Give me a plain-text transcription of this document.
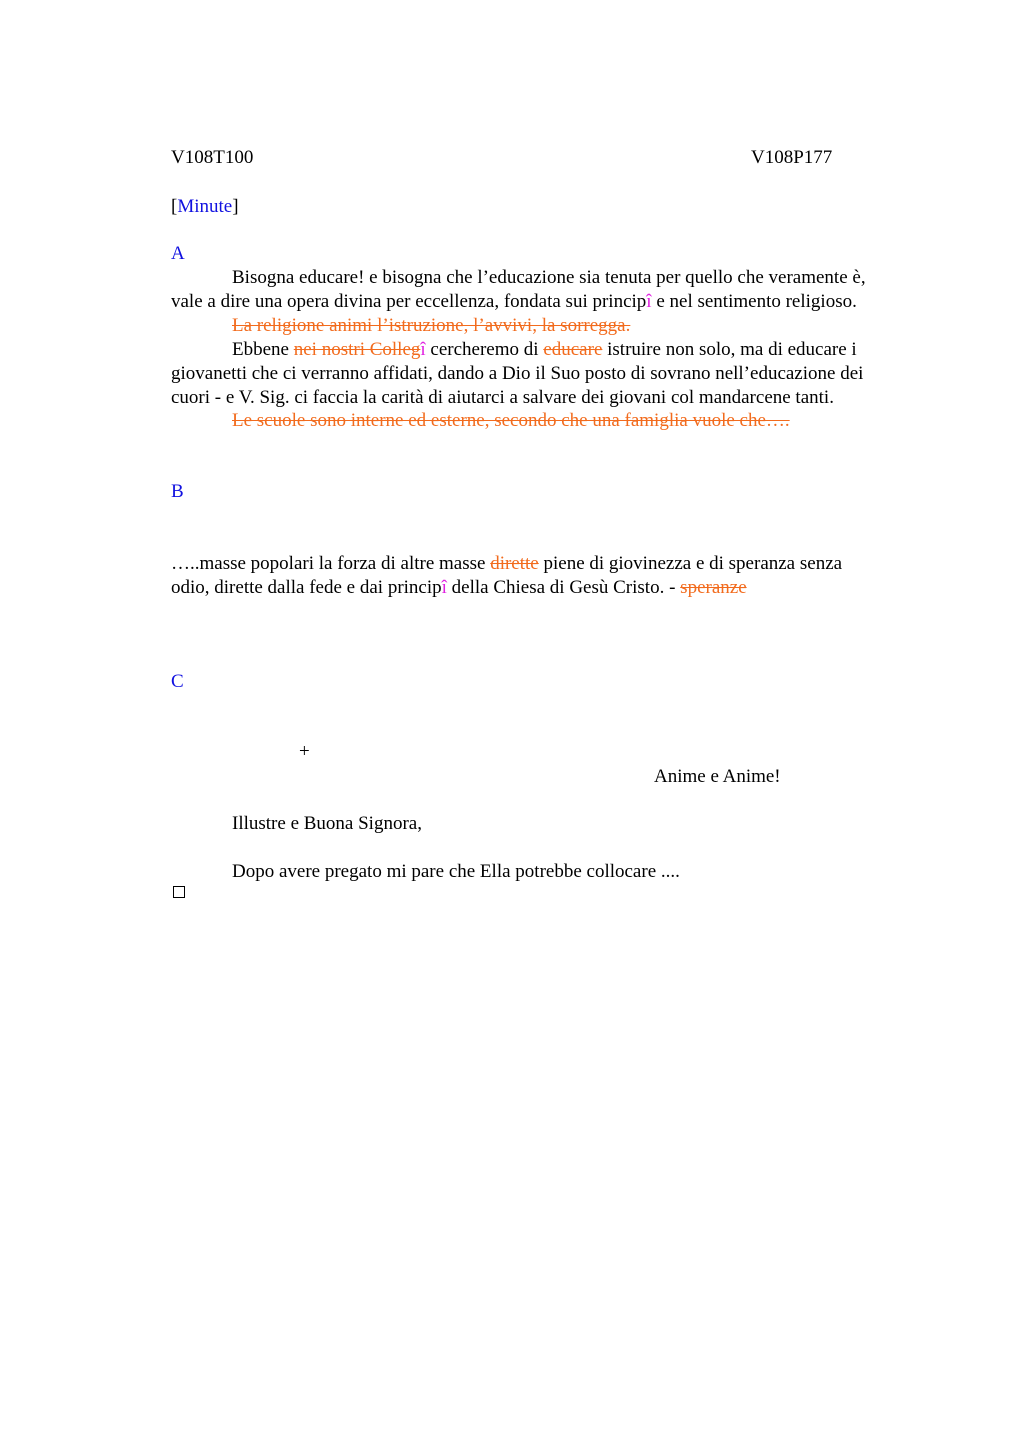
V108T100	V108P177
[Minute]
A
Bisogna educare! e bisogna che l’educazione sia tenuta per quello che veramente è,
vale a dire una opera divina per eccellenza, fondata sui principî e nel sentimento religioso.
La religione animi l’istruzione, l’avvivi, la sorregga.
Ebbene nei nostri Collegî cercheremo di educare istruire non solo, ma di educare i
giovanetti che ci verranno affidati, dando a Dio il Suo posto di sovrano nell’educazione dei
cuori - e V. Sig. ci faccia la carità di aiutarci a salvare dei giovani col mandarcene tanti.
Le scuole sono interne ed esterne, secondo che una famiglia vuole che….
B
…..masse popolari la forza di altre masse dirette piene di giovinezza e di speranza senza
odio, dirette dalla fede e dai principî della Chiesa di Gesù Cristo. - speranze
C
+
Anime e Anime!
Illustre e Buona Signora,
Dopo avere pregato mi pare che Ella potrebbe collocare ....
